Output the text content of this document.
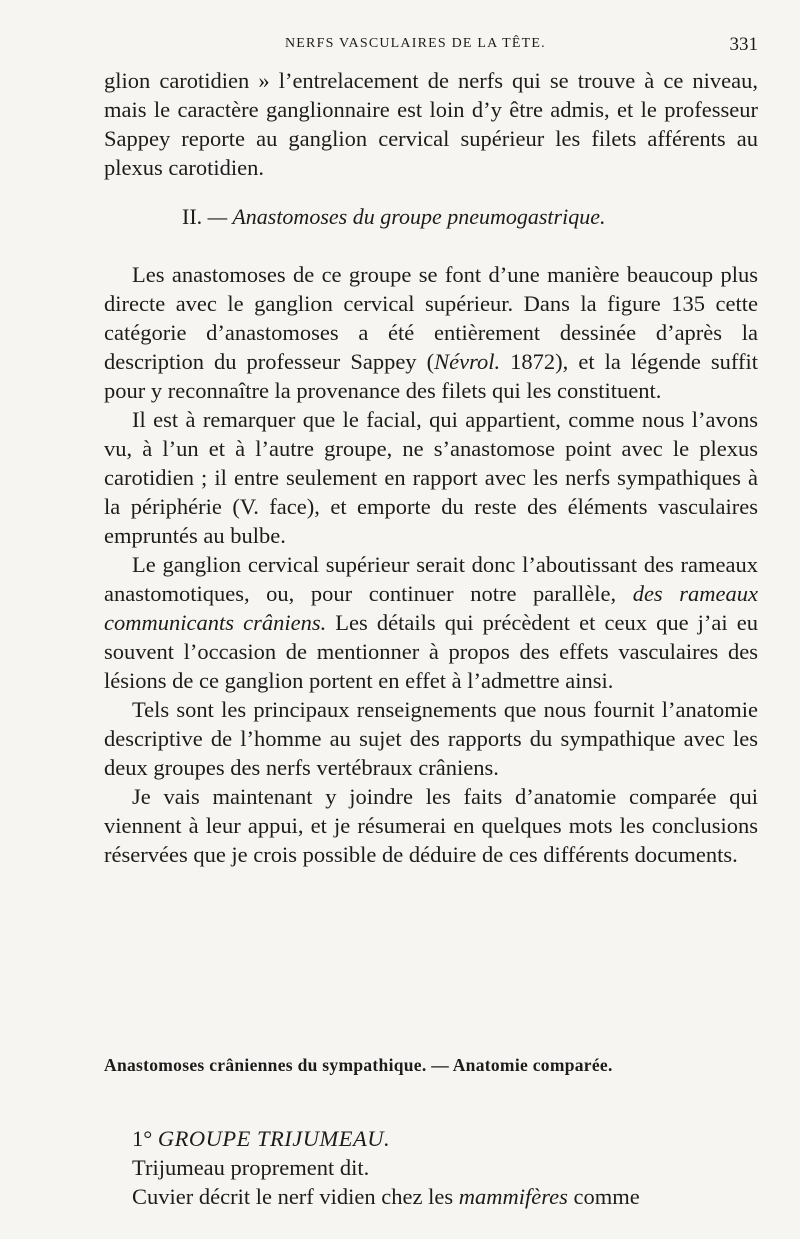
NERFS VASCULAIRES DE LA TÊTE.	331

glion carotidien » l’entrelacement de nerfs qui se trouve à ce niveau, mais le caractère ganglionnaire est loin d’y être admis, et le professeur Sappey reporte au ganglion cervical supérieur les filets afférents au plexus carotidien.

II. — Anastomoses du groupe pneumogastrique.

Les anastomoses de ce groupe se font d’une manière beaucoup plus directe avec le ganglion cervical supérieur. Dans la figure 135 cette catégorie d’anastomoses a été entièrement dessinée d’après la description du professeur Sappey (Névrol. 1872), et la légende suffit pour y reconnaître la provenance des filets qui les constituent.

Il est à remarquer que le facial, qui appartient, comme nous l’avons vu, à l’un et à l’autre groupe, ne s’anastomose point avec le plexus carotidien ; il entre seulement en rapport avec les nerfs sympathiques à la périphérie (V. face), et emporte du reste des éléments vasculaires empruntés au bulbe.

Le ganglion cervical supérieur serait donc l’aboutissant des rameaux anastomotiques, ou, pour continuer notre parallèle, des rameaux communicants crâniens. Les détails qui précèdent et ceux que j’ai eu souvent l’occasion de mentionner à propos des effets vasculaires des lésions de ce ganglion portent en effet à l’admettre ainsi.

Tels sont les principaux renseignements que nous fournit l’anatomie descriptive de l’homme au sujet des rapports du sympathique avec les deux groupes des nerfs vertébraux crâniens.

Je vais maintenant y joindre les faits d’anatomie comparée qui viennent à leur appui, et je résumerai en quelques mots les conclusions réservées que je crois possible de déduire de ces différents documents.

Anastomoses crâniennes du sympathique. — Anatomie comparée.

1° GROUPE TRIJUMEAU.

Trijumeau proprement dit.

Cuvier décrit le nerf vidien chez les mammifères comme
